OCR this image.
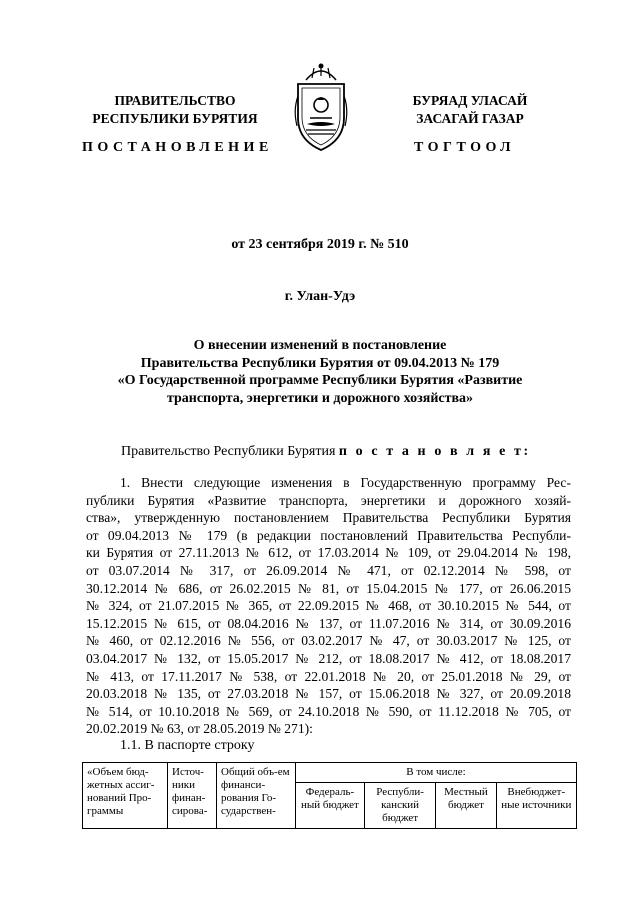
ПРАВИТЕЛЬСТВО
РЕСПУБЛИКИ БУРЯТИЯ
БУРЯАД УЛАСАЙ
ЗАСАГАЙ ГАЗАР
ПОСТАНОВЛЕНИЕ	ТОГТООЛ
от 23 сентября 2019 г. № 510
г. Улан-Удэ
О внесении изменений в постановление
Правительства Республики Бурятия от 09.04.2013 № 179
«О Государственной программе Республики Бурятия «Развитие
транспорта, энергетики и дорожного хозяйства»
Правительство Республики Бурятия п о с т а н о в л я е т:
1. Внести следующие изменения в Государственную программу Рес-
публики Бурятия «Развитие транспорта, энергетики и дорожного хозяй-
ства», утвержденную постановлением Правительства Республики Бурятия
от 09.04.2013 № 179 (в редакции постановлений Правительства Республи-
ки Бурятия от 27.11.2013 № 612, от 17.03.2014 № 109, от 29.04.2014 № 198,
от 03.07.2014 № 317, от 26.09.2014 № 471, от 02.12.2014 № 598, от
30.12.2014 № 686, от 26.02.2015 № 81, от 15.04.2015 № 177, от 26.06.2015
№ 324, от 21.07.2015 № 365, от 22.09.2015 № 468, от 30.10.2015 № 544, от
15.12.2015 № 615, от 08.04.2016 № 137, от 11.07.2016 № 314, от 30.09.2016
№ 460, от 02.12.2016 № 556, от 03.02.2017 № 47, от 30.03.2017 № 125, от
03.04.2017 № 132, от 15.05.2017 № 212, от 18.08.2017 № 412, от 18.08.2017
№ 413, от 17.11.2017 № 538, от 22.01.2018 № 20, от 25.01.2018 № 29, от
20.03.2018 № 135, от 27.03.2018 № 157, от 15.06.2018 № 327, от 20.09.2018
№ 514, от 10.10.2018 № 569, от 24.10.2018 № 590, от 11.12.2018 № 705, от
20.02.2019 № 63, от 28.05.2019 № 271):
1.1. В паспорте строку
«Объем бюд-жетных ассиг-нований Про-граммы	Источ-ники финан-сирова-	Общий объ-ем финанси-рования Го-сударствен-	В том числе:			
			Федераль-ный бюджет	Республи-канский бюджет	Местный бюджет	Внебюджет-ные источники
